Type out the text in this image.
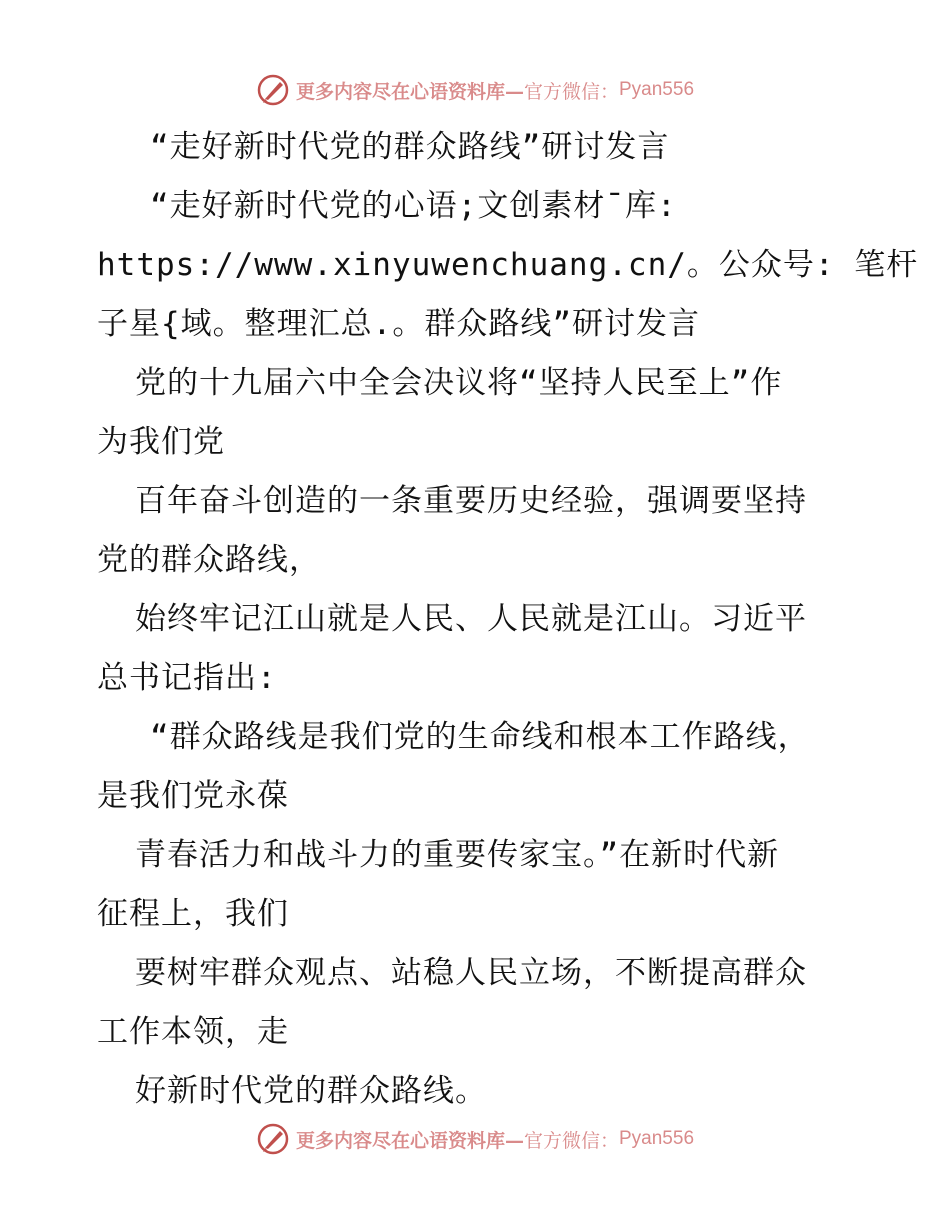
更多内容尽在心语资料库— 官方微信： Pyan556
“走好新时代党的群众路线”研讨发言
“走好新时代党的心语;文创素材¯库:
https://www.xinyuwenchuang.cn/。公众号: 笔杆
子星{域。整理汇总.。群众路线”研讨发言
党的十九届六中全会决议将“坚持人民至上”作
为我们党
百年奋斗创造的一条重要历史经验，强调要坚持
党的群众路线，
始终牢记江山就是人民、人民就是江山。习近平
总书记指出:
“群众路线是我们党的生命线和根本工作路线，
是我们党永葆
青春活力和战斗力的重要传家宝。”在新时代新
征程上，我们
要树牢群众观点、站稳人民立场，不断提高群众
工作本领，走
好新时代党的群众路线。
更多内容尽在心语资料库— 官方微信： Pyan556
